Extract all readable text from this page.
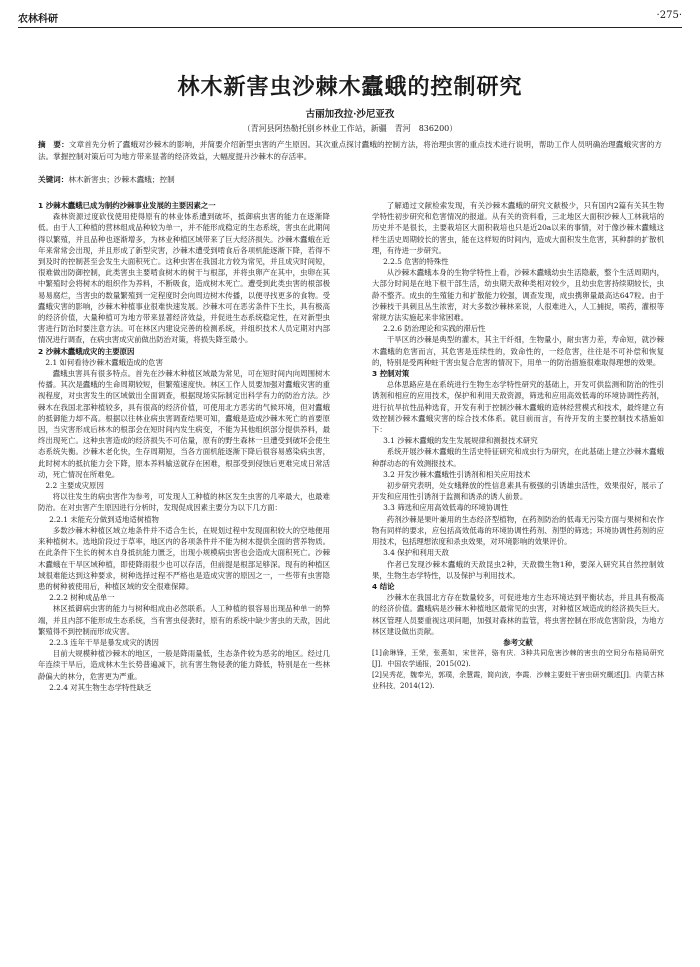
农林科研	·275·
林木新害虫沙棘木蠹蛾的控制研究
古丽加孜拉·沙尼亚孜
（青河县阿热勒托别乡林业工作站，新疆　青河　836200）
摘　要：文章首先分析了蠹蛾对沙棘木的影响，并简要介绍新型虫害的产生原因。其次重点探讨蠹蛾的控制方法，将治理虫害的重点技术进行说明，帮助工作人员明确治理蠹蛾灾害的方法。掌握控制对策后可为地方带来显著的经济效益，大幅度提升沙棘木的存活率。
关键词：林木新害虫；沙棘木蠹蛾；控制

1 沙棘木蠹蛾已成为制约沙棘事业发展的主要因素之一

森林资源过度砍伐使用使得原有的林业体系遭到破坏，抵御病虫害的能力在逐渐降低。由于人工种植的营林组成品种较为单一，并不能形成稳定的生态系统，害虫在此期间得以繁殖，并且品种也逐渐增多，为林业种植区域带来了巨大经济损失。沙棘木蠹蛾在近年来常常会出现，并且形成了新型灾害，沙棘木遭受到啃食后各项机能逐渐下降，若得不到及时的控制甚至会发生大面积死亡。这种虫害在我国北方较为常见，并且成灾时间短，很难做出防御控制，此类害虫主要啃食树木的树干与根部，并将虫卵产在其中，虫卵在其中繁殖时会将树木的组织作为养料，不断吸食，造成树木死亡。遭受到此类虫害的根部极易易腐烂，当害虫的数量繁殖到一定程度时会向周边树木传播，以便寻找更多的食物。受蠹蛾灾害的影响，沙棘木种植事业很难快速发展。沙棘木可在恶劣条件下生长，具有极高的经济价值，大量种植可为地方带来显著经济效益，并促进生态系统稳定性，在对新型虫害进行防治时要注意方法。可在林区内建设完善的检测系统，并组织技术人员定期对内部情况进行调查，在病虫害成灾前做出防治对策，将损失降至最小。

2 沙棘木蠹蛾成灾的主要原因

2.1 如何看待沙棘木蠹蛾造成的危害

蠹蛾虫害具有很多特点。首先在沙棘木种植区域最为常见，可在短时间内向周围树木传播。其次是蠹蛾的生命周期较短，但繁殖速度快。林区工作人员要加强对蠹蛾灾害的重视程度，对虫害发生的区域做出全面调查，根据现场实际制定出科学有力的防治方法。沙棘木在我国北部种植较多，具有很高的经济价值，可使用北方恶劣的气候环境，但对蠹蛾的抵御能力却不高。根据以往林业病虫害调查结果可知，蠹蛾是造成沙棘木死亡的首要原因，当灾害形成后林木的根部会在短时间内发生病变，不能为其他组织部分提供养料，最终出现死亡。这种虫害造成的经济损失不可估量，原有的野生森林一旦遭受到破坏会使生态系统失衡。沙棘木老化快，生存周期短，当各方面机能逐渐下降后很容易感染病虫害，此时树木的抵抗能力会下降，原本养料输送就存在困难，根部受到侵蚀后更难完成日常活动，死亡情况在所难免。

2.2 主要成灾原因

将以往发生的病虫害作为参考，可发现人工种植的林区发生虫害的几率最大，也最难防治。在对虫害产生原因进行分析时，发现促成因素主要分为以下几方面：

2.2.1 未能充分做到适地适树植物

多数沙棘木种植区域立地条件并不适合生长，在规划过程中发现面积较大的空地便用来种植树木。选地阶段过于草率，地区内的各项条件并不能为树木提供全面的营养物质。在此条件下生长的树木自身抵抗能力匮乏，出现小规模病虫害也会造成大面积死亡。沙棘木蠹蛾在干旱区域种植，即使降雨很少也可以存活，但前提是根部足够深。现有的种植区域很难能达到这种要求，树种选择过程不严格也是造成灾害的原因之一，一些带有虫害隐患的树种被使用后，种植区域的安全很难保障。

2.2.2 树种成品单一

林区抵御病虫害的能力与树种组成由必然联系。人工种植的很容易出现品种单一的弊端，并且内部不能形成生态系统，当有害虫侵袭时，原有的系统中缺少害虫的天敌，因此繁殖得不到控制而形成灾害。

2.2.3 连年干旱是暴发成灾的诱因

目前大规模种植沙棘木的地区，一般是降雨量低，生态条件较为恶劣的地区。经过几年连续干旱后，造成林木生长势普遍减下，抗有害生物侵袭的能力降低，特别是在一些林龄偏大的林分，危害更为严重。

2.2.4 对其生物生态学特性缺乏

了解通过文献检索发现，有关沙棘木蠹蛾的研究文献极少，只有国内2篇有关其生物学特性初步研究和危害情况的报道。从有关的资料看，三北地区大面积沙棘人工林栽培的历史并不是很长，主要栽培区大面积栽培也只是近20a以来的事情，对于像沙棘木蠹蛾这样生活史周期较长的害虫，能在这样短的时间内，造成大面积发生危害，其种群的扩散机理，有待进一步研究。

2.2.5 危害的特殊性

从沙棘木蠹蛾本身的生物学特性上看，沙棘木蠹蛾幼虫生活隐蔽，整个生活周期内，大部分时间是在地下根干部生活，幼虫期天敌种类相对较少，且幼虫危害持续期较长，虫龄不整齐。成虫的生殖能力和扩散能力较强，调查发现，成虫携卵量最高达647粒。由于沙棘枝干具刺且丛生浓密，对大多数沙棘林来说，人很难进入，人工捕捉，喷药，灌根等常规方法实施起来非常困难。

2.2.6 防治理论和实践的滞后性

干旱区的沙棘是典型的灌木，其主干纤细，生物量小，耐虫害力差，寿命短，就沙棘木蠹蛾的危害而言，其危害是连续性的，致命性的，一经危害，往往是不可补偿和恢复的，特别是受两种蛀干害虫复合危害的情况下，用单一的防治措施很难取得理想的效果。

3 控制对策

总体思路应是在系统进行生物生态学特性研究的基础上，开发可供监测和防治的性引诱剂和相应的应用技术，保护和利用天敌资源，筛选和应用高效低毒的环境协调性药剂，进行抗旱抗性品种选育，开发有利于控制沙棘木蠹蛾的造林经营模式和技术，最终建立有效控制沙棘木蠹蛾灾害的综合技术体系。就目前而言，有待开发的主要控制技术措施如下：

3.1 沙棘木蠹蛾的发生发展规律和测报技术研究

系统开展沙棘木蠹蛾的生活史特征研究和成虫行为研究，在此基础上建立沙棘木蠹蛾种群动态的有效测报技术。

3.2 开发沙棘木蠹蛾性引诱剂和相关应用技术

初步研究表明，处女蛾释放的性信息素具有极强的引诱雄虫活性，效果很好，展示了开发和应用性引诱剂于监测和诱杀的诱人前景。

3.3 筛选和应用高效低毒的环境协调性

药剂沙棘是果叶兼用的生态经济型植物，在药剂防治的低毒无污染方面与果树和农作物有同样的要求，应包括高效低毒的环境协调性药剂、剂型的筛选；环境协调性药剂的应用技术，包括理想浓度和杀虫效果，对环境影响的效果评价。

3.4 保护和利用天敌

作者已发现沙棘木蠹蛾的天敌昆虫2种，天敌微生物1种，要深入研究其自然控制效果，生物生态学特性，以及保护与利用技术。

4 结论

沙棘木在我国北方存在数量较多，可促进地方生态环境达到平衡状态，并且具有极高的经济价值。蠹蛾病是沙棘木种植地区最常见的虫害，对种植区域造成的经济损失巨大。林区管理人员要重视这项问题，加强对森林的监管，将虫害控制在形成危害阶段，为地方林区建设做出贡献。

参考文献

[1]俞琳锋，王荣，张燕如，宋世祥，骆有庆．3种共同危害沙棘的害虫的空间分布格局研究[J]．中国农学通报，2015(02).

[2]吴秀花，魏奉光，郭璞，余慧霞，简向波，李霞．沙棘主要蛀干害虫研究概述[J]．内蒙古林业科技，2014(12).
